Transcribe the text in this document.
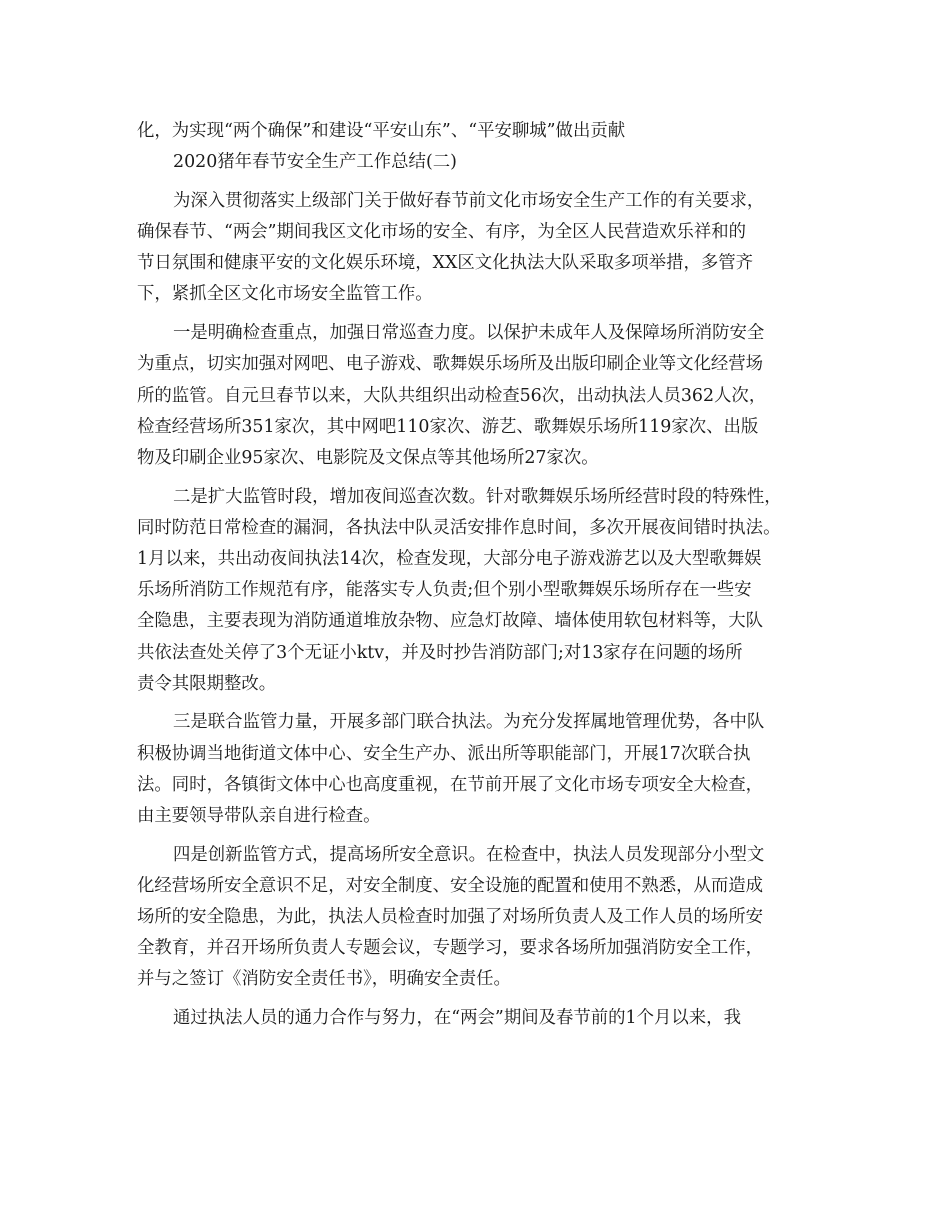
化，为实现“两个确保”和建设“平安山东”、“平安聊城”做出贡献
2020猪年春节安全生产工作总结(二)
为深入贯彻落实上级部门关于做好春节前文化市场安全生产工作的有关要求，
确保春节、“两会”期间我区文化市场的安全、有序，为全区人民营造欢乐祥和的
节日氛围和健康平安的文化娱乐环境，XX区文化执法大队采取多项举措，多管齐
下，紧抓全区文化市场安全监管工作。
一是明确检查重点，加强日常巡查力度。以保护未成年人及保障场所消防安全
为重点，切实加强对网吧、电子游戏、歌舞娱乐场所及出版印刷企业等文化经营场
所的监管。自元旦春节以来，大队共组织出动检查56次，出动执法人员362人次，
检查经营场所351家次，其中网吧110家次、游艺、歌舞娱乐场所119家次、出版
物及印刷企业95家次、电影院及文保点等其他场所27家次。
二是扩大监管时段，增加夜间巡查次数。针对歌舞娱乐场所经营时段的特殊性，
同时防范日常检查的漏洞，各执法中队灵活安排作息时间，多次开展夜间错时执法。
1月以来，共出动夜间执法14次，检查发现，大部分电子游戏游艺以及大型歌舞娱
乐场所消防工作规范有序，能落实专人负责;但个别小型歌舞娱乐场所存在一些安
全隐患，主要表现为消防通道堆放杂物、应急灯故障、墙体使用软包材料等，大队
共依法查处关停了3个无证小ktv，并及时抄告消防部门;对13家存在问题的场所
责令其限期整改。
三是联合监管力量，开展多部门联合执法。为充分发挥属地管理优势，各中队
积极协调当地街道文体中心、安全生产办、派出所等职能部门，开展17次联合执
法。同时，各镇街文体中心也高度重视，在节前开展了文化市场专项安全大检查，
由主要领导带队亲自进行检查。
四是创新监管方式，提高场所安全意识。在检查中，执法人员发现部分小型文
化经营场所安全意识不足，对安全制度、安全设施的配置和使用不熟悉，从而造成
场所的安全隐患，为此，执法人员检查时加强了对场所负责人及工作人员的场所安
全教育，并召开场所负责人专题会议，专题学习，要求各场所加强消防安全工作，
并与之签订《消防安全责任书》，明确安全责任。
通过执法人员的通力合作与努力，在“两会”期间及春节前的1个月以来，我
